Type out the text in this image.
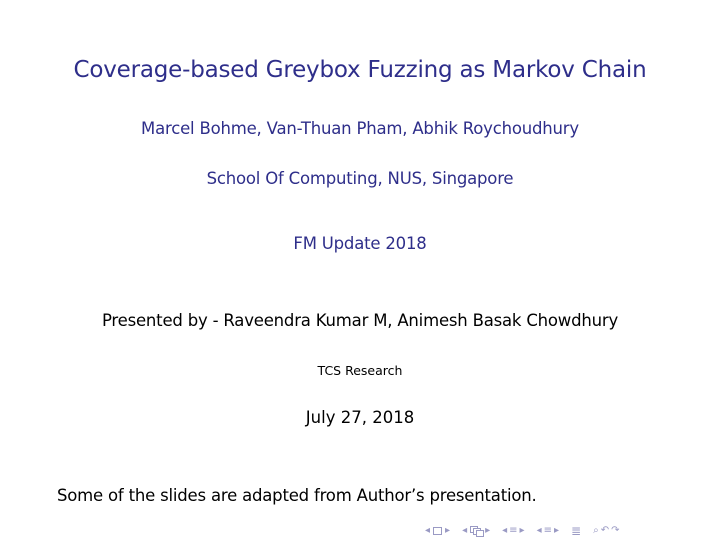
Coverage-based Greybox Fuzzing as Markov Chain
Marcel Bohme, Van-Thuan Pham, Abhik Roychoudhury
School Of Computing, NUS, Singapore
FM Update 2018
Presented by - Raveendra Kumar M, Animesh Basak Chowdhury
TCS Research
July 27, 2018
Some of the slides are adapted from Author’s presentation.
◂ ▸ ◂ ▸ ◂ ≡ ▸ ◂ ≡ ▸ ≣ ⌕ ↶ ↷
